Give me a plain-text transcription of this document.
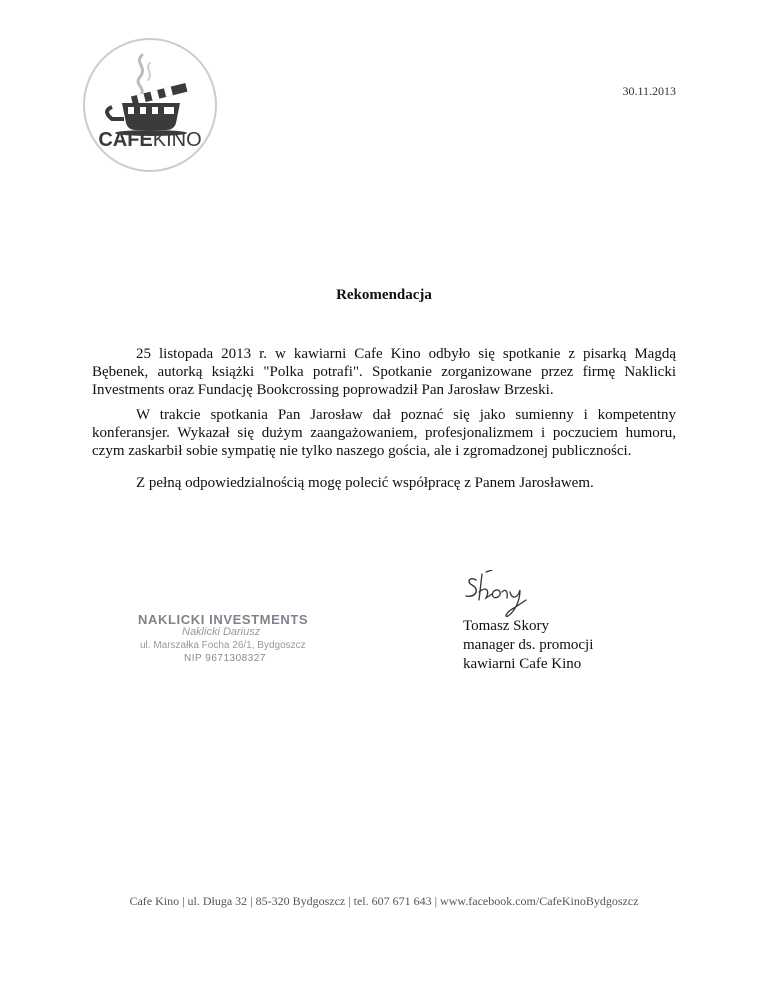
CAFÉKINO
30.11.2013
Rekomendacja

25 listopada 2013 r. w kawiarni Cafe Kino odbyło się spotkanie z pisarką Magdą Bębenek, autorką książki "Polka potrafi". Spotkanie zorganizowane przez firmę Naklicki Investments oraz Fundację Bookcrossing poprowadził Pan Jarosław Brzeski.

W trakcie spotkania Pan Jarosław dał poznać się jako sumienny i kompetentny konferansjer. Wykazał się dużym zaangażowaniem, profesjonalizmem i poczuciem humoru, czym zaskarbił sobie sympatię nie tylko naszego gościa, ale i zgromadzonej publiczności.

Z pełną odpowiedzialnością mogę polecić współpracę z Panem Jarosławem.

NAKLICKI INVESTMENTS
Naklicki Dariusz
ul. Marszałka Focha 26/1, Bydgoszcz
NIP 9671308327
Tomasz Skory
manager ds. promocji
kawiarni Cafe Kino
Cafe Kino | ul. Długa 32 | 85-320 Bydgoszcz | tel. 607 671 643 | www.facebook.com/CafeKinoBydgoszcz
